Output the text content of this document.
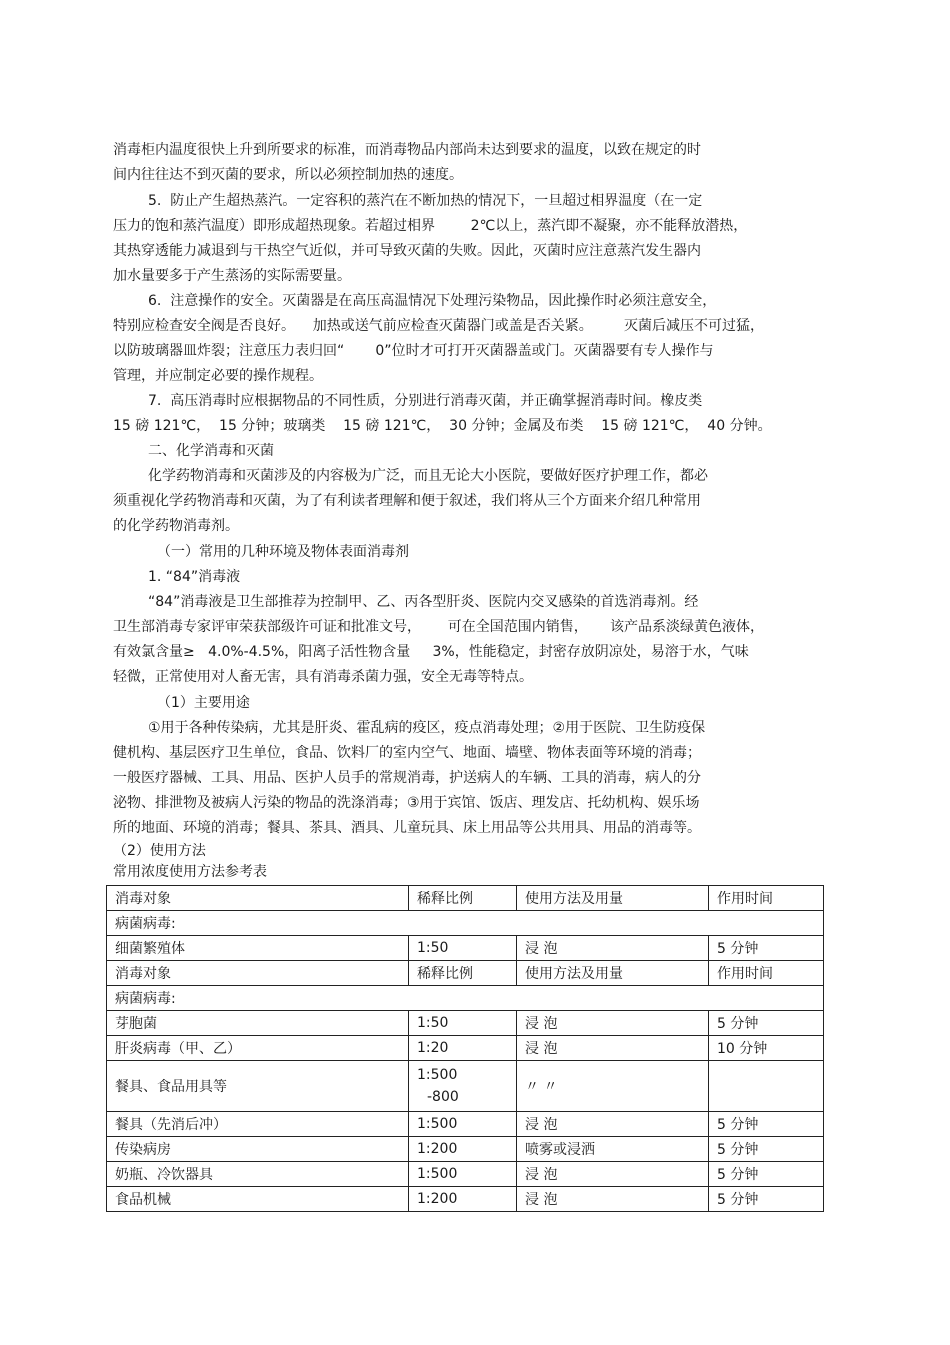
消毒柜内温度很快上升到所要求的标准，而消毒物品内部尚未达到要求的温度，以致在规定的时

间内往往达不到灭菌的要求，所以必须控制加热的速度。

5.  防止产生超热蒸汽。一定容积的蒸汽在不断加热的情况下，一旦超过相界温度（在一定

压力的饱和蒸汽温度）即形成超热现象。若超过相界        2℃以上，蒸汽即不凝聚，亦不能释放潜热，

其热穿透能力减退到与干热空气近似，并可导致灭菌的失败。因此，灭菌时应注意蒸汽发生器内

加水量要多于产生蒸汤的实际需要量。

6.  注意操作的安全。灭菌器是在高压高温情况下处理污染物品，因此操作时必须注意安全，

特别应检查安全阀是否良好。    加热或送气前应检查灭菌器门或盖是否关紧。       灭菌后减压不可过猛，

以防玻璃器皿炸裂；注意压力表归回“       0”位时才可打开灭菌器盖或门。灭菌器要有专人操作与

管理，并应制定必要的操作规程。

7.  高压消毒时应根据物品的不同性质，分别进行消毒灭菌，并正确掌握消毒时间。橡皮类

15 磅 121℃，  15 分钟；玻璃类    15 磅 121℃，  30 分钟；金属及布类    15 磅 121℃，  40 分钟。

二、化学消毒和灭菌

化学药物消毒和灭菌涉及的内容极为广泛，而且无论大小医院，要做好医疗护理工作，都必

须重视化学药物消毒和灭菌，为了有利读者理解和便于叙述，我们将从三个方面来介绍几种常用

的化学药物消毒剂。

（一）常用的几种环境及物体表面消毒剂

1. “84”消毒液

“84”消毒液是卫生部推荐为控制甲、乙、丙各型肝炎、医院内交叉感染的首选消毒剂。经

卫生部消毒专家评审荣获部级许可证和批准文号，      可在全国范围内销售，     该产品系淡绿黄色液体，

有效氯含量≥   4.0%-4.5%，阳离子活性物含量     3%，性能稳定，封密存放阴凉处，易溶于水，气味

轻微，正常使用对人畜无害，具有消毒杀菌力强，安全无毒等特点。

（1）主要用途

①用于各种传染病，尤其是肝炎、霍乱病的疫区，疫点消毒处理；②用于医院、卫生防疫保

健机构、基层医疗卫生单位，食品、饮料厂的室内空气、地面、墙壁、物体表面等环境的消毒；

一般医疗器械、工具、用品、医护人员手的常规消毒，护送病人的车辆、工具的消毒，病人的分

泌物、排泄物及被病人污染的物品的洗涤消毒；③用于宾馆、饭店、理发店、托幼机构、娱乐场

所的地面、环境的消毒；餐具、茶具、酒具、儿童玩具、床上用品等公共用具、用品的消毒等。

（2）使用方法

常用浓度使用方法参考表

消毒对象	稀释比例	使用方法及用量	作用时间
病菌病毒:			
细菌繁殖体	1:50	浸 泡	5 分钟
消毒对象	稀释比例	使用方法及用量	作用时间
病菌病毒:			
芽胞菌	1:50	浸 泡	5 分钟
肝炎病毒（甲、乙）	1:20	浸 泡	10 分钟
餐具、食品用具等	1:500
-800	〃 〃	
餐具（先消后冲）	1:500	浸 泡	5 分钟
传染病房	1:200	喷雾或浸洒	5 分钟
奶瓶、冷饮器具	1:500	浸 泡	5 分钟
食品机械	1:200	浸 泡	5 分钟
